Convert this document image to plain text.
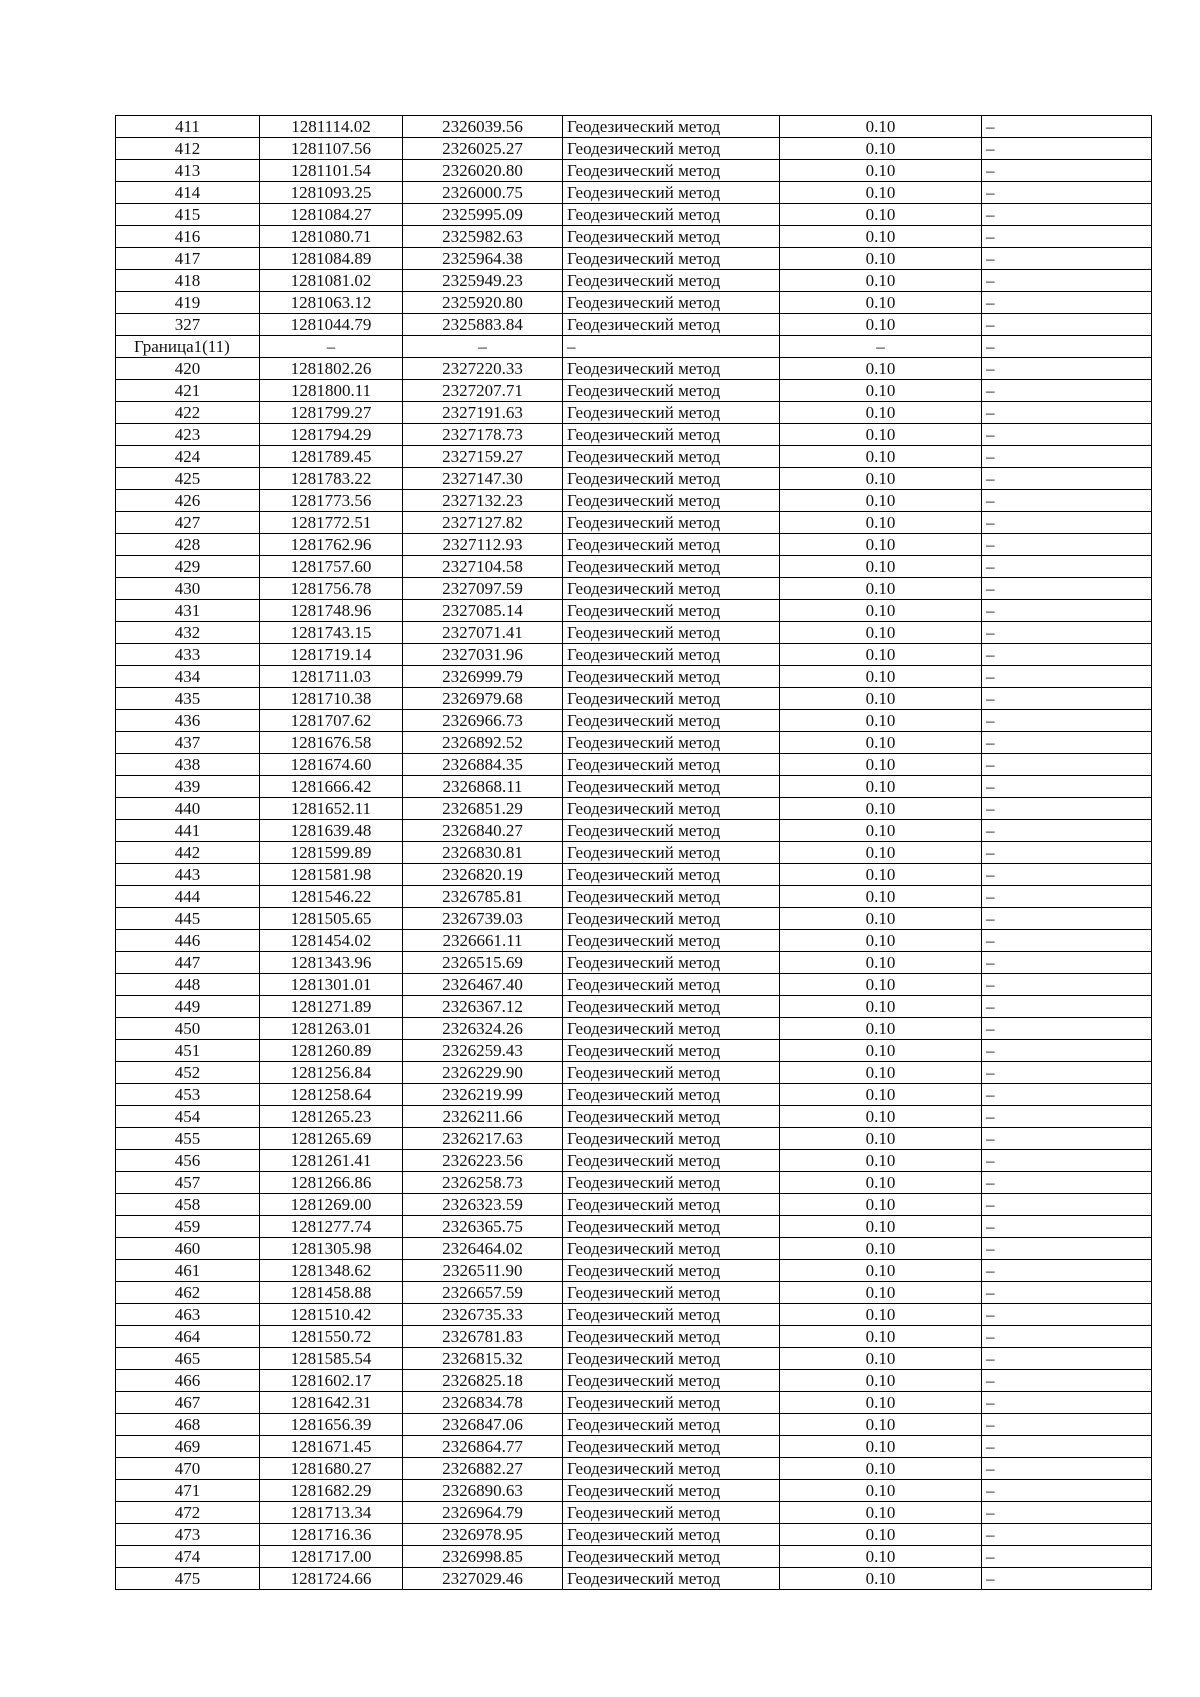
411	1281114.02	2326039.56	Геодезический метод	0.10	–
412	1281107.56	2326025.27	Геодезический метод	0.10	–
413	1281101.54	2326020.80	Геодезический метод	0.10	–
414	1281093.25	2326000.75	Геодезический метод	0.10	–
415	1281084.27	2325995.09	Геодезический метод	0.10	–
416	1281080.71	2325982.63	Геодезический метод	0.10	–
417	1281084.89	2325964.38	Геодезический метод	0.10	–
418	1281081.02	2325949.23	Геодезический метод	0.10	–
419	1281063.12	2325920.80	Геодезический метод	0.10	–
327	1281044.79	2325883.84	Геодезический метод	0.10	–
Граница1(11)	–	–	–	–	–
420	1281802.26	2327220.33	Геодезический метод	0.10	–
421	1281800.11	2327207.71	Геодезический метод	0.10	–
422	1281799.27	2327191.63	Геодезический метод	0.10	–
423	1281794.29	2327178.73	Геодезический метод	0.10	–
424	1281789.45	2327159.27	Геодезический метод	0.10	–
425	1281783.22	2327147.30	Геодезический метод	0.10	–
426	1281773.56	2327132.23	Геодезический метод	0.10	–
427	1281772.51	2327127.82	Геодезический метод	0.10	–
428	1281762.96	2327112.93	Геодезический метод	0.10	–
429	1281757.60	2327104.58	Геодезический метод	0.10	–
430	1281756.78	2327097.59	Геодезический метод	0.10	–
431	1281748.96	2327085.14	Геодезический метод	0.10	–
432	1281743.15	2327071.41	Геодезический метод	0.10	–
433	1281719.14	2327031.96	Геодезический метод	0.10	–
434	1281711.03	2326999.79	Геодезический метод	0.10	–
435	1281710.38	2326979.68	Геодезический метод	0.10	–
436	1281707.62	2326966.73	Геодезический метод	0.10	–
437	1281676.58	2326892.52	Геодезический метод	0.10	–
438	1281674.60	2326884.35	Геодезический метод	0.10	–
439	1281666.42	2326868.11	Геодезический метод	0.10	–
440	1281652.11	2326851.29	Геодезический метод	0.10	–
441	1281639.48	2326840.27	Геодезический метод	0.10	–
442	1281599.89	2326830.81	Геодезический метод	0.10	–
443	1281581.98	2326820.19	Геодезический метод	0.10	–
444	1281546.22	2326785.81	Геодезический метод	0.10	–
445	1281505.65	2326739.03	Геодезический метод	0.10	–
446	1281454.02	2326661.11	Геодезический метод	0.10	–
447	1281343.96	2326515.69	Геодезический метод	0.10	–
448	1281301.01	2326467.40	Геодезический метод	0.10	–
449	1281271.89	2326367.12	Геодезический метод	0.10	–
450	1281263.01	2326324.26	Геодезический метод	0.10	–
451	1281260.89	2326259.43	Геодезический метод	0.10	–
452	1281256.84	2326229.90	Геодезический метод	0.10	–
453	1281258.64	2326219.99	Геодезический метод	0.10	–
454	1281265.23	2326211.66	Геодезический метод	0.10	–
455	1281265.69	2326217.63	Геодезический метод	0.10	–
456	1281261.41	2326223.56	Геодезический метод	0.10	–
457	1281266.86	2326258.73	Геодезический метод	0.10	–
458	1281269.00	2326323.59	Геодезический метод	0.10	–
459	1281277.74	2326365.75	Геодезический метод	0.10	–
460	1281305.98	2326464.02	Геодезический метод	0.10	–
461	1281348.62	2326511.90	Геодезический метод	0.10	–
462	1281458.88	2326657.59	Геодезический метод	0.10	–
463	1281510.42	2326735.33	Геодезический метод	0.10	–
464	1281550.72	2326781.83	Геодезический метод	0.10	–
465	1281585.54	2326815.32	Геодезический метод	0.10	–
466	1281602.17	2326825.18	Геодезический метод	0.10	–
467	1281642.31	2326834.78	Геодезический метод	0.10	–
468	1281656.39	2326847.06	Геодезический метод	0.10	–
469	1281671.45	2326864.77	Геодезический метод	0.10	–
470	1281680.27	2326882.27	Геодезический метод	0.10	–
471	1281682.29	2326890.63	Геодезический метод	0.10	–
472	1281713.34	2326964.79	Геодезический метод	0.10	–
473	1281716.36	2326978.95	Геодезический метод	0.10	–
474	1281717.00	2326998.85	Геодезический метод	0.10	–
475	1281724.66	2327029.46	Геодезический метод	0.10	–
